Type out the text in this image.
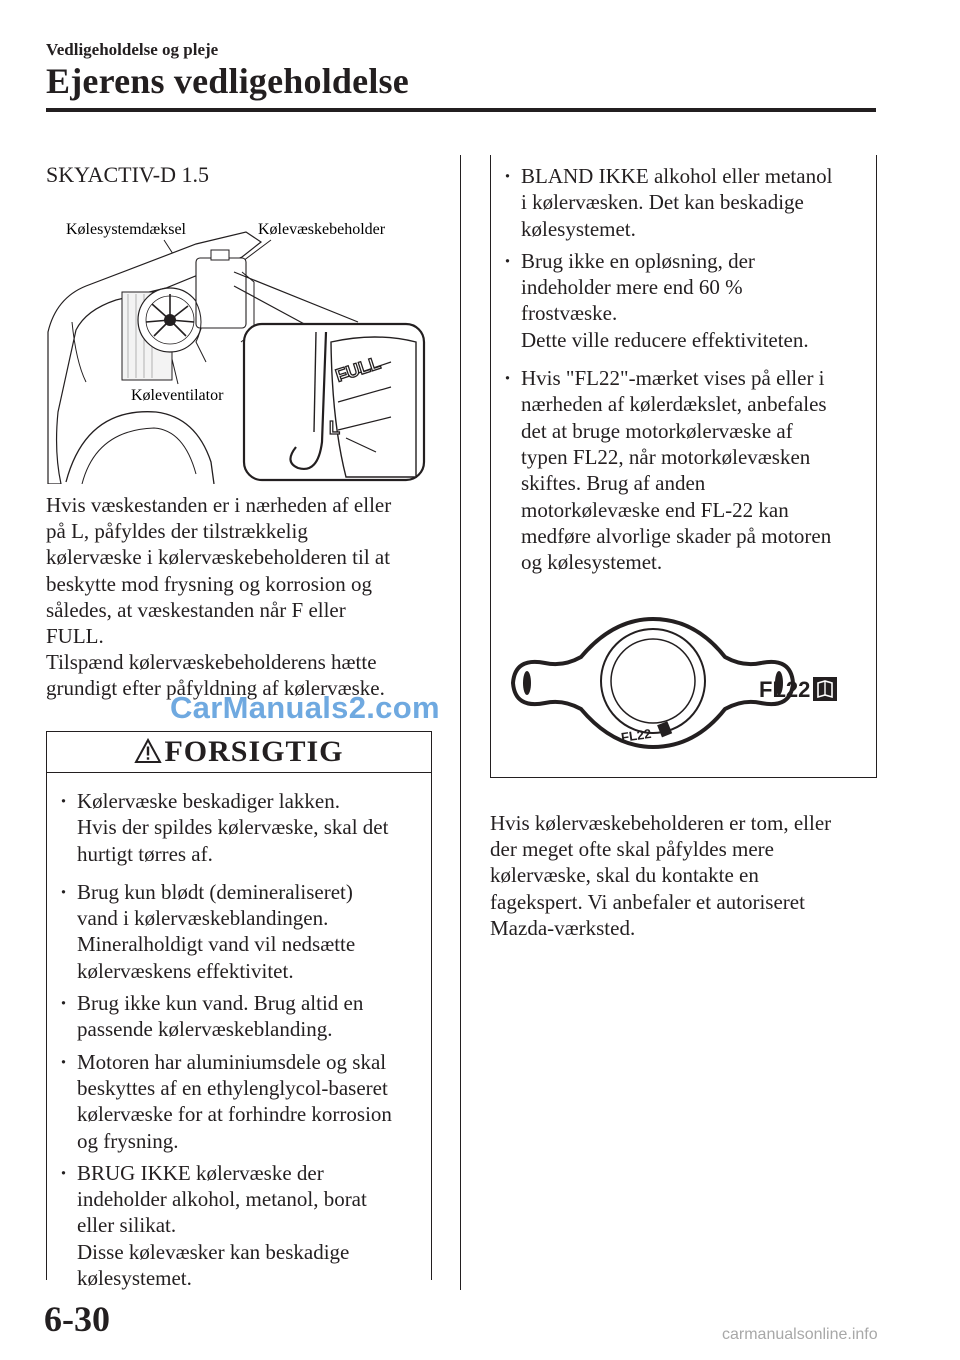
Vedligeholdelse og pleje
Ejerens vedligeholdelse
SKYACTIV-D 1.5
Kølesystemdæksel	Kølevæskebeholder
Køleventilator
FULL
L
Hvis væskestanden er i nærheden af eller
på L, påfyldes der tilstrækkelig
kølervæske i kølervæskebeholderen til at
beskytte mod frysning og korrosion og
således, at væskestanden når F eller
FULL.
Tilspænd kølervæskebeholderens hætte
grundigt efter påfyldning af kølervæske.
FORSIGTIG
· Kølervæske beskadiger lakken.
Hvis der spildes kølervæske, skal det
hurtigt tørres af.
· Brug kun blødt (demineraliseret)
vand i kølervæskeblandingen.
Mineralholdigt vand vil nedsætte
kølervæskens effektivitet.
· Brug ikke kun vand. Brug altid en
passende kølervæskeblanding.
· Motoren har aluminiumsdele og skal
beskyttes af en ethylenglycol-baseret
kølervæske for at forhindre korrosion
og frysning.
· BRUG IKKE kølervæske der
indeholder alkohol, metanol, borat
eller silikat.
Disse kølevæsker kan beskadige
kølesystemet.
· BLAND IKKE alkohol eller metanol
i kølervæsken. Det kan beskadige
kølesystemet.
· Brug ikke en opløsning, der
indeholder mere end 60 %
frostvæske.
Dette ville reducere effektiviteten.
· Hvis "FL22"-mærket vises på eller i
nærheden af kølerdækslet, anbefales
det at bruge motorkølervæske af
typen FL22, når motorkølevæsken
skiftes. Brug af anden
motorkølevæske end FL-22 kan
medføre alvorlige skader på motoren
og kølesystemet.
FL22
FL22
Hvis kølervæskebeholderen er tom, eller
der meget ofte skal påfyldes mere
kølervæske, skal du kontakte en
fagekspert. Vi anbefaler et autoriseret
Mazda-værksted.
6-30
CarManuals2.com
carmanualsonline.info
